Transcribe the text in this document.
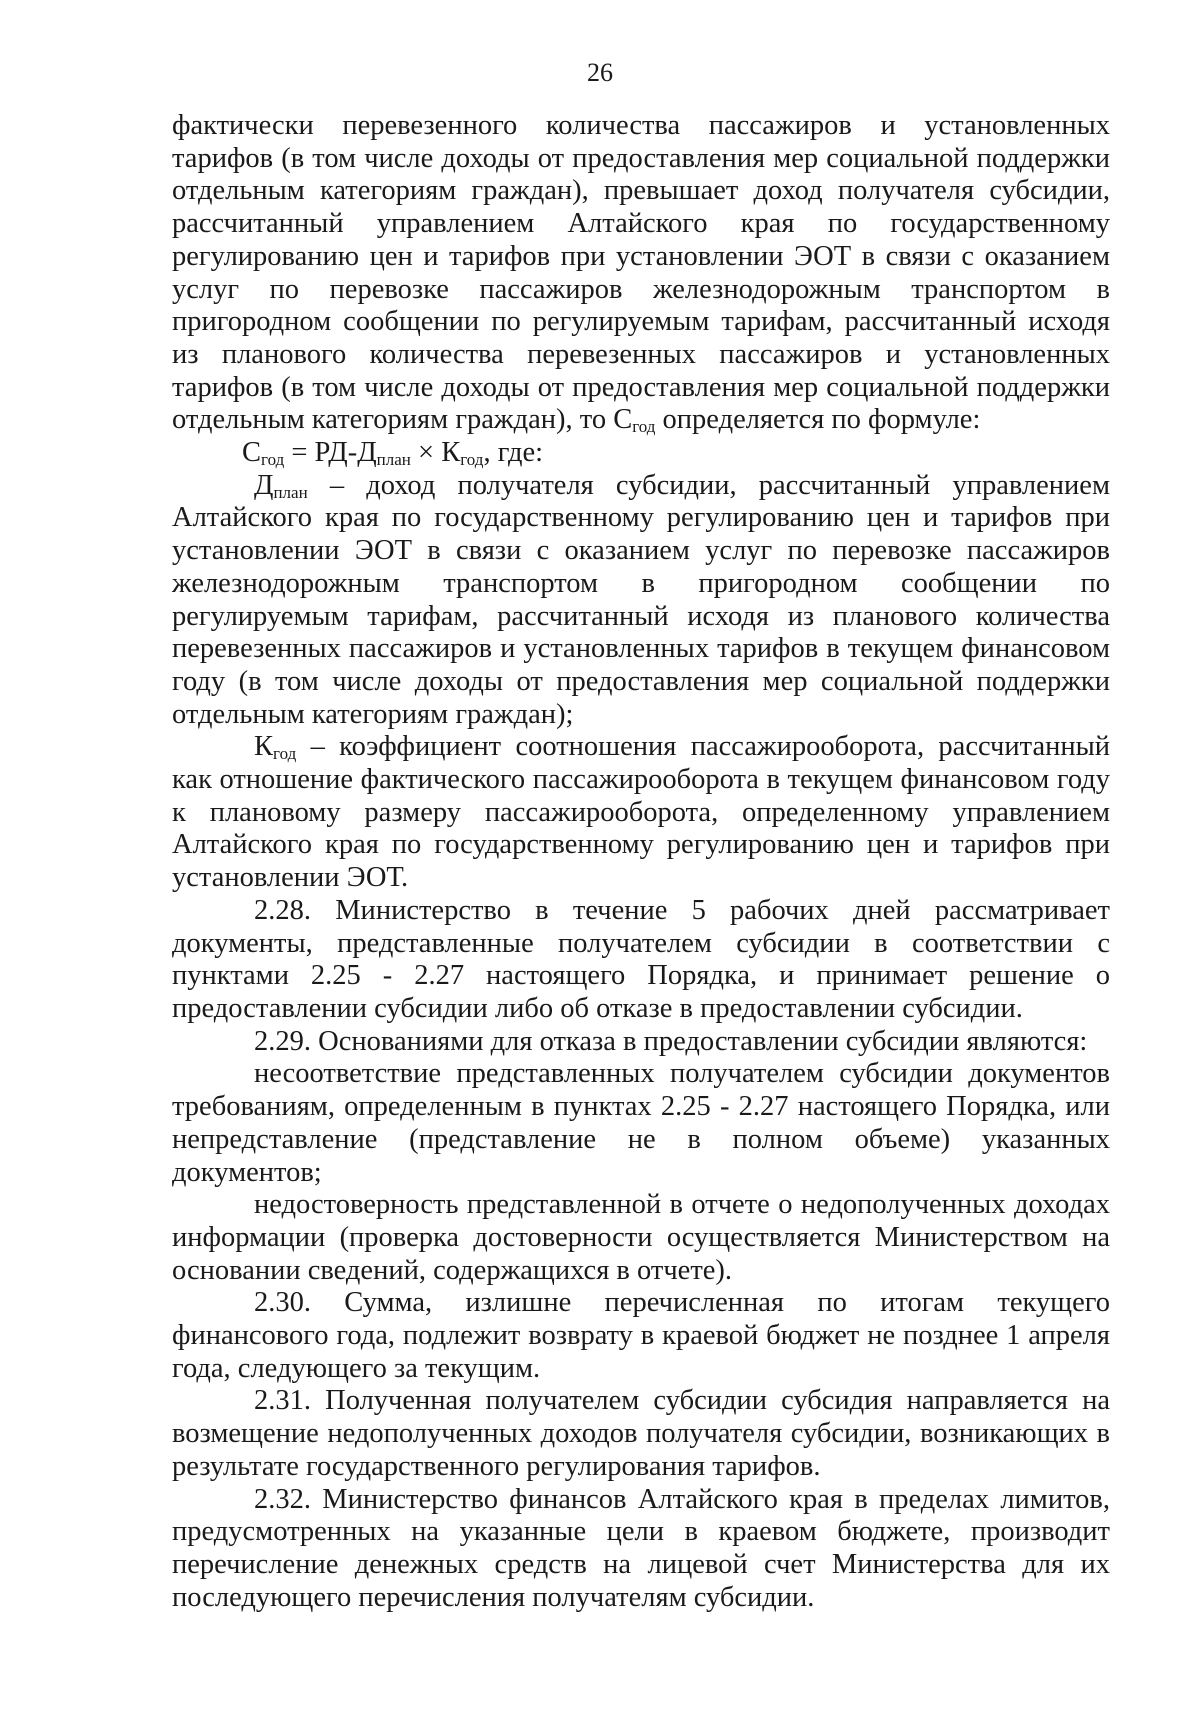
26

фактически перевезенного количества пассажиров и установленных тарифов (в том числе доходы от предоставления мер социальной поддержки отдельным категориям граждан), превышает доход получателя субсидии, рассчитанный управлением Алтайского края по государственному регулированию цен и тарифов при установлении ЭОТ в связи с оказанием услуг по перевозке пассажиров железнодорожным транспортом в пригородном сообщении по регулируемым тарифам, рассчитанный исходя из планового количества перевезенных пассажиров и установленных тарифов (в том числе доходы от предоставления мер социальной поддержки отдельным категориям граждан), то $С_{год}$ определяется по формуле:

$С_{год} = РД-Д_{план} \times К_{год}$, где:

$Д_{план}$ – доход получателя субсидии, рассчитанный управлением Алтайского края по государственному регулированию цен и тарифов при установлении ЭОТ в связи с оказанием услуг по перевозке пассажиров железнодорожным транспортом в пригородном сообщении по регулируемым тарифам, рассчитанный исходя из планового количества перевезенных пассажиров и установленных тарифов в текущем финансовом году (в том числе доходы от предоставления мер социальной поддержки отдельным категориям граждан);

$К_{год}$ – коэффициент соотношения пассажирооборота, рассчитанный как отношение фактического пассажирооборота в текущем финансовом году к плановому размеру пассажирооборота, определенному управлением Алтайского края по государственному регулированию цен и тарифов при установлении ЭОТ.

2.28. Министерство в течение 5 рабочих дней рассматривает документы, представленные получателем субсидии в соответствии с пунктами 2.25 - 2.27 настоящего Порядка, и принимает решение о предоставлении субсидии либо об отказе в предоставлении субсидии.

2.29. Основаниями для отказа в предоставлении субсидии являются:

несоответствие представленных получателем субсидии документов требованиям, определенным в пунктах 2.25 - 2.27 настоящего Порядка, или непредставление (представление не в полном объеме) указанных документов;

недостоверность представленной в отчете о недополученных доходах информации (проверка достоверности осуществляется Министерством на основании сведений, содержащихся в отчете).

2.30. Сумма, излишне перечисленная по итогам текущего финансового года, подлежит возврату в краевой бюджет не позднее 1 апреля года, следующего за текущим.

2.31. Полученная получателем субсидии субсидия направляется на возмещение недополученных доходов получателя субсидии, возникающих в результате государственного регулирования тарифов.

2.32. Министерство финансов Алтайского края в пределах лимитов, предусмотренных на указанные цели в краевом бюджете, производит перечисление денежных средств на лицевой счет Министерства для их последующего перечисления получателям субсидии.
